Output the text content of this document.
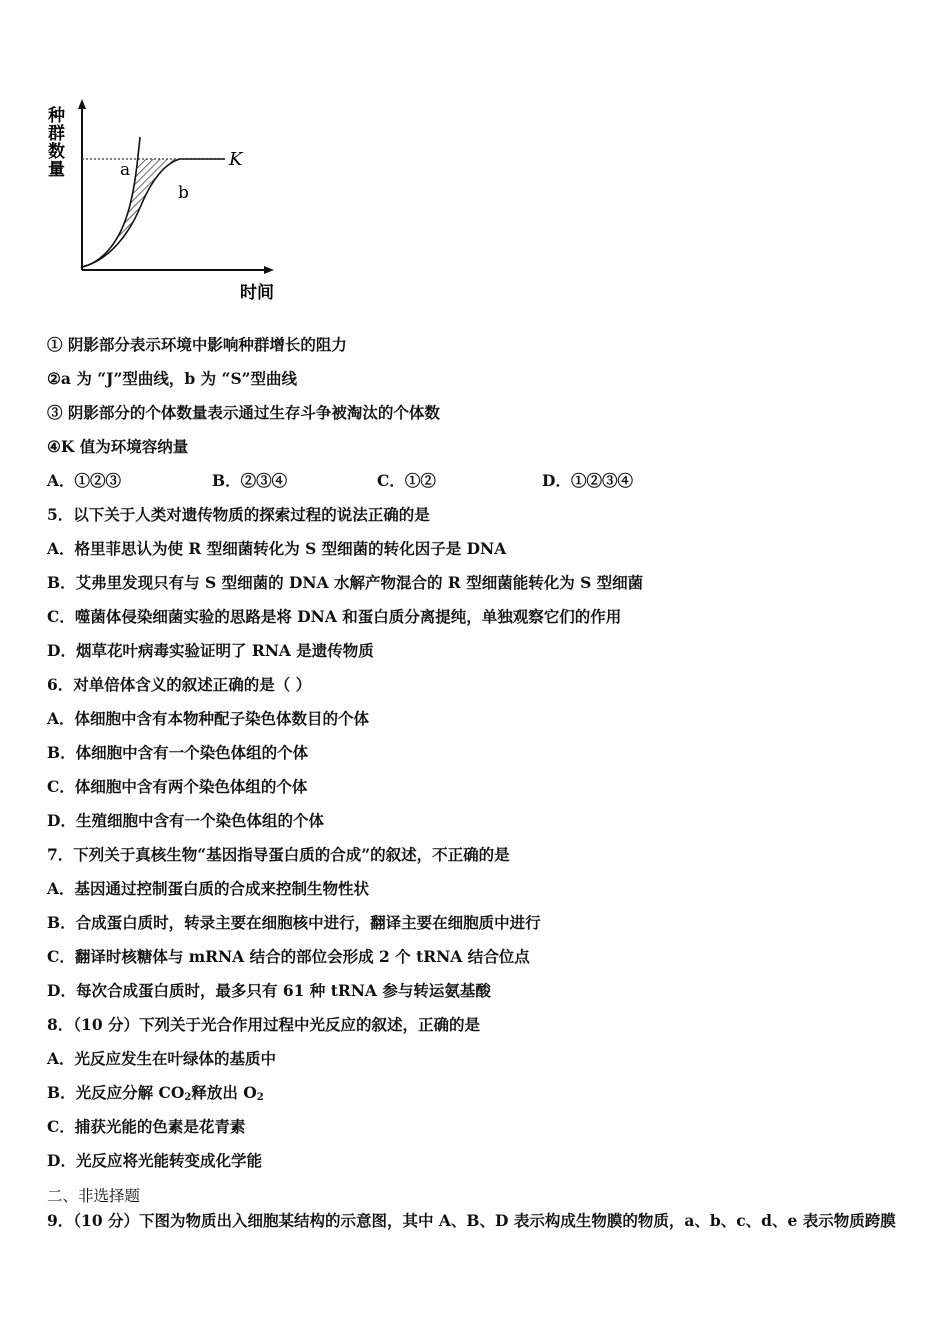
种
群
数
量	a
b
K
时间
① 阴影部分表示环境中影响种群增长的阻力
②a 为 “J”型曲线，b 为 “S”型曲线
③ 阴影部分的个体数量表示通过生存斗争被淘汰的个体数
④K 值为环境容纳量
A．①②③	B．②③④	C．①②	D．①②③④
5．以下关于人类对遗传物质的探索过程的说法正确的是
A．格里菲思认为使 R 型细菌转化为 S 型细菌的转化因子是 DNA
B．艾弗里发现只有与 S 型细菌的 DNA 水解产物混合的 R 型细菌能转化为 S 型细菌
C．噬菌体侵染细菌实验的思路是将 DNA 和蛋白质分离提纯，单独观察它们的作用
D．烟草花叶病毒实验证明了 RNA 是遗传物质
6．对单倍体含义的叙述正确的是（ ）
A．体细胞中含有本物种配子染色体数目的个体
B．体细胞中含有一个染色体组的个体
C．体细胞中含有两个染色体组的个体
D．生殖细胞中含有一个染色体组的个体
7．下列关于真核生物“基因指导蛋白质的合成”的叙述，不正确的是
A．基因通过控制蛋白质的合成来控制生物性状
B．合成蛋白质时，转录主要在细胞核中进行，翻译主要在细胞质中进行
C．翻译时核糖体与 mRNA 结合的部位会形成 2 个 tRNA 结合位点
D．每次合成蛋白质时，最多只有 61 种 tRNA 参与转运氨基酸
8．（10 分）下列关于光合作用过程中光反应的叙述，正确的是
A．光反应发生在叶绿体的基质中
B．光反应分解 $CO_2$释放出 $O_2$
C．捕获光能的色素是花青素
D．光反应将光能转变成化学能
二、非选择题
9．（10 分）下图为物质出入细胞某结构的示意图，其中 A、B、D 表示构成生物膜的物质，a、b、c、d、e 表示物质跨膜
